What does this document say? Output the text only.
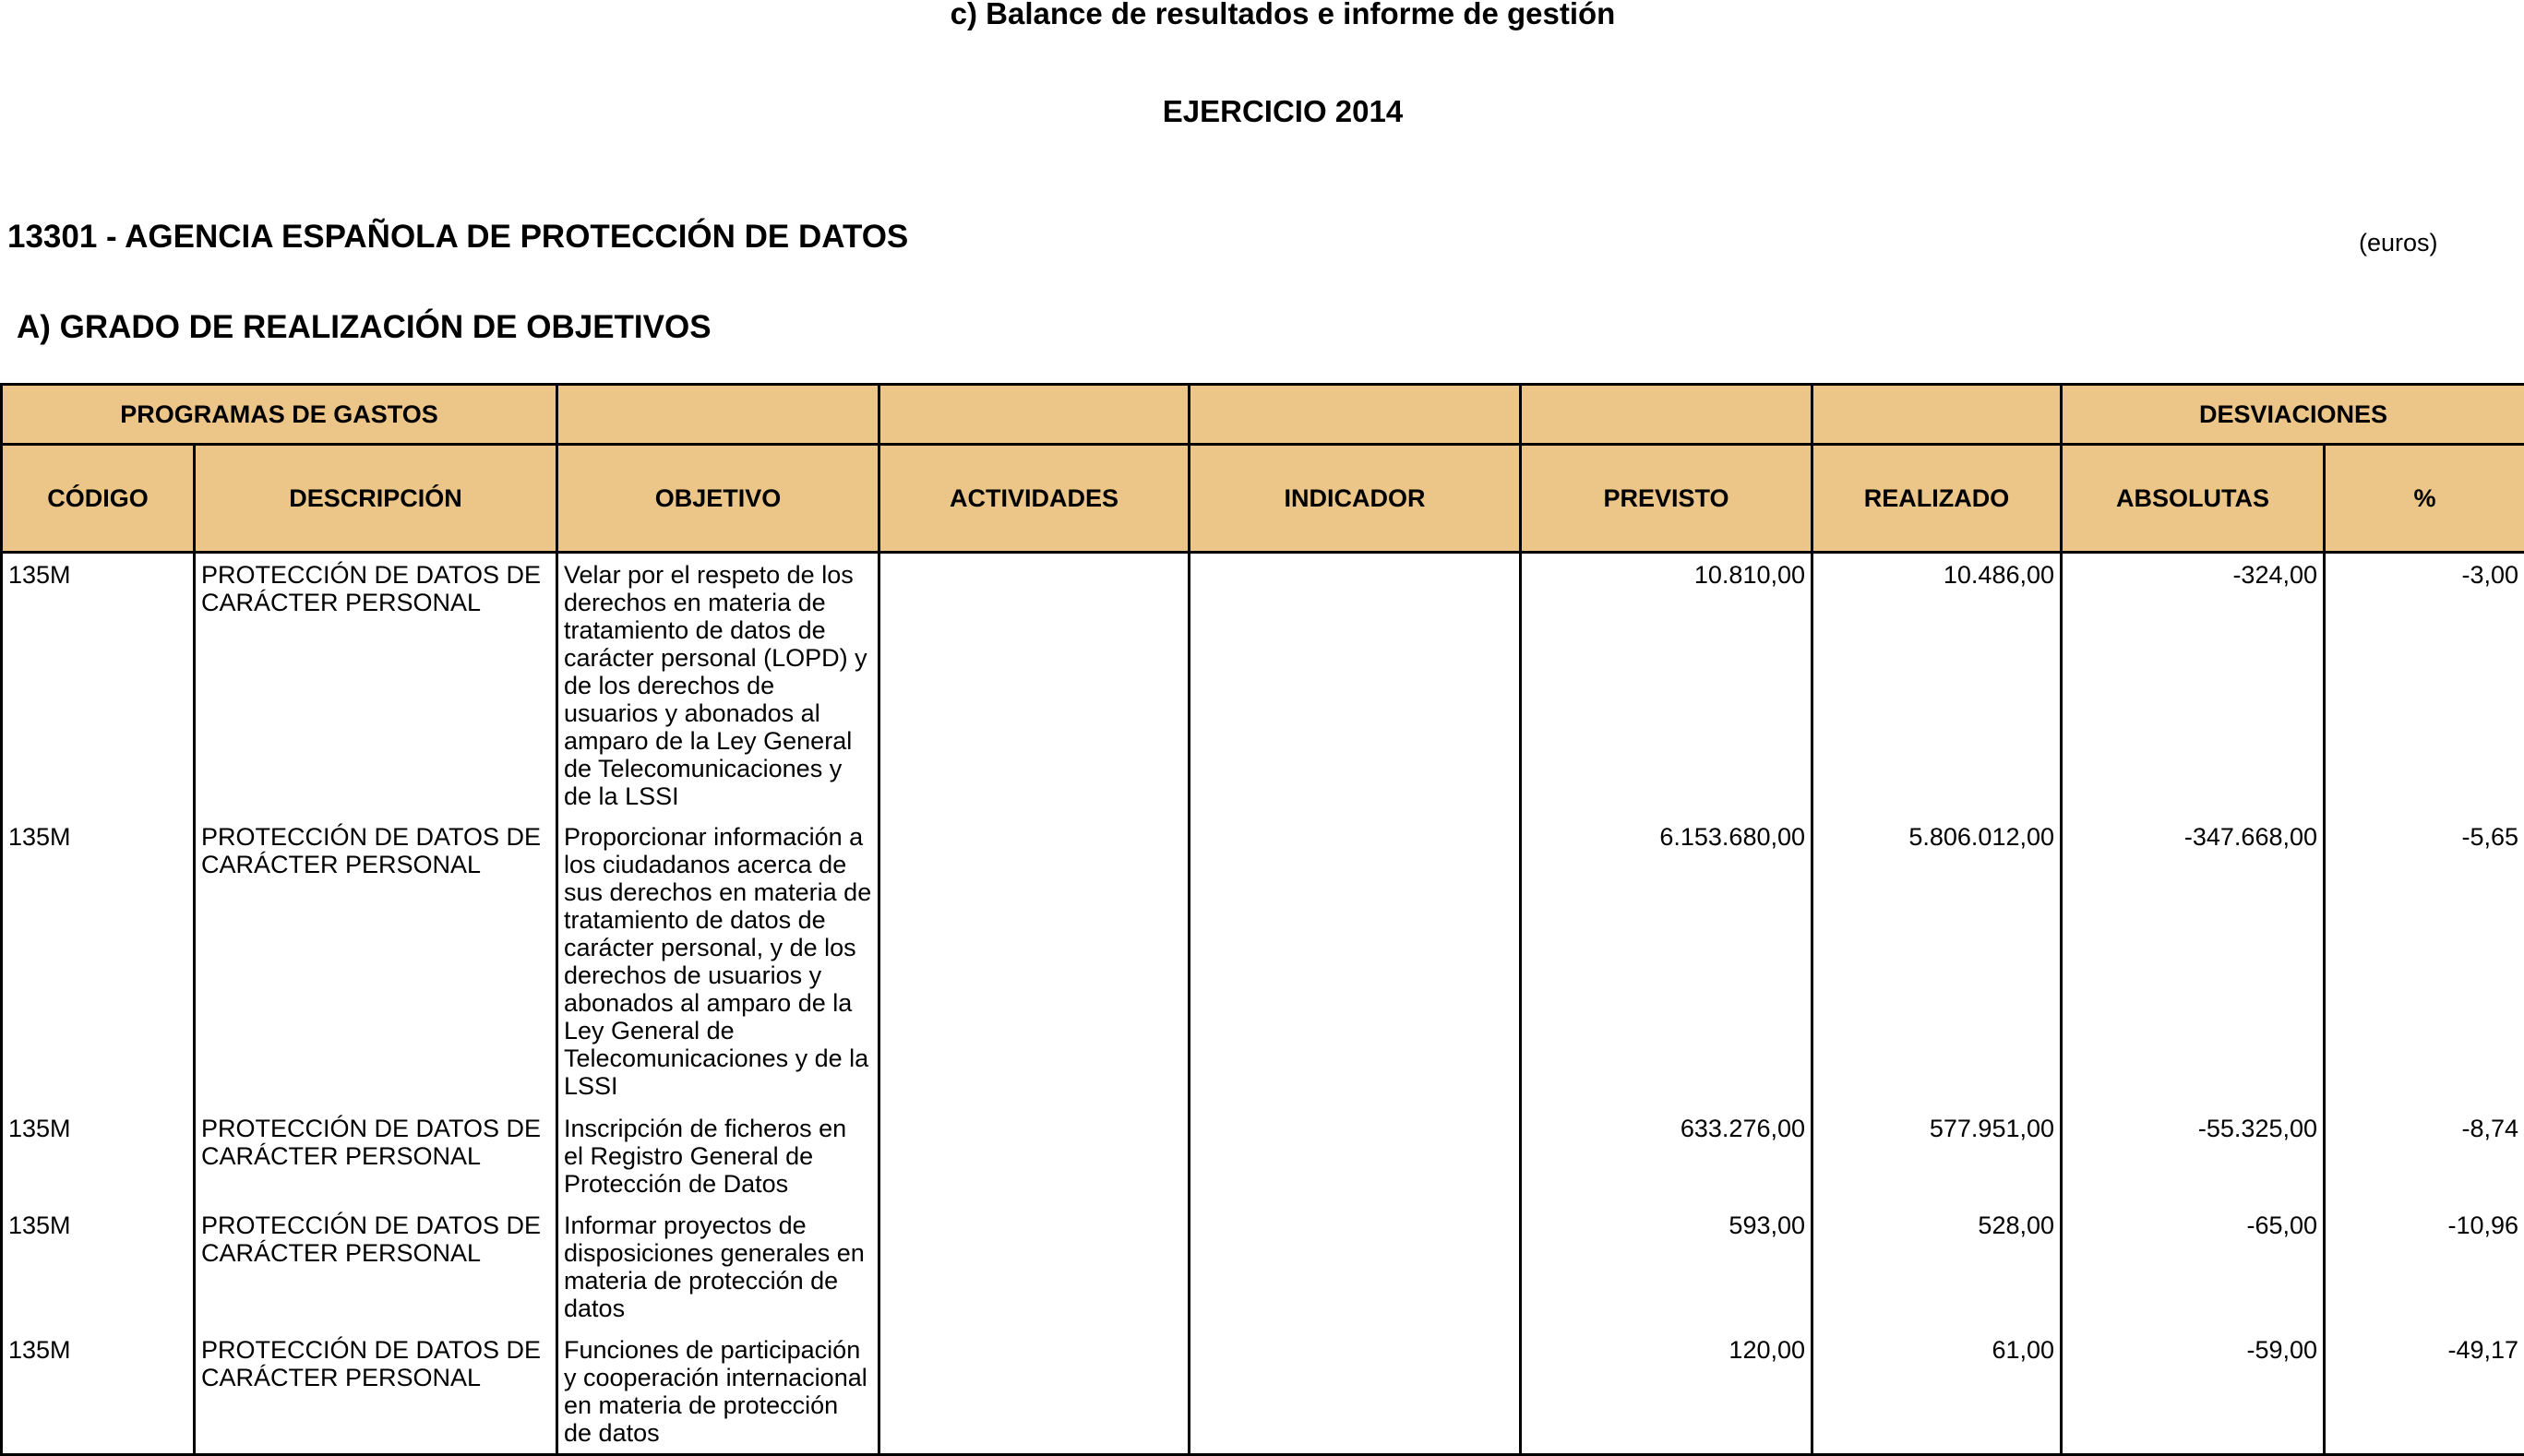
c) Balance de resultados e informe de gestión
EJERCICIO 2014
13301 - AGENCIA ESPAÑOLA DE PROTECCIÓN DE DATOS	(euros)
A) GRADO DE REALIZACIÓN DE OBJETIVOS
PROGRAMAS DE GASTOS							DESVIACIONES	
CÓDIGO	DESCRIPCIÓN	OBJETIVO	ACTIVIDADES	INDICADOR	PREVISTO	REALIZADO	ABSOLUTAS	%
135M	PROTECCIÓN DE DATOS DE CARÁCTER PERSONAL	Velar por el respeto de los derechos en materia de tratamiento de datos de carácter personal (LOPD) y de los derechos de usuarios y abonados al amparo de la Ley General de Telecomunicaciones y de la LSSI			10.810,00	10.486,00	-324,00	-3,00
135M	PROTECCIÓN DE DATOS DE CARÁCTER PERSONAL	Proporcionar información a los ciudadanos acerca de sus derechos en materia de tratamiento de datos de carácter personal, y de los derechos de usuarios y abonados al amparo de la Ley General de Telecomunicaciones y de la LSSI			6.153.680,00	5.806.012,00	-347.668,00	-5,65
135M	PROTECCIÓN DE DATOS DE CARÁCTER PERSONAL	Inscripción de ficheros en el Registro General de Protección de Datos			633.276,00	577.951,00	-55.325,00	-8,74
135M	PROTECCIÓN DE DATOS DE CARÁCTER PERSONAL	Informar proyectos de disposiciones generales en materia de protección de datos			593,00	528,00	-65,00	-10,96
135M	PROTECCIÓN DE DATOS DE CARÁCTER PERSONAL	Funciones de participación y cooperación internacional en materia de protección de datos			120,00	61,00	-59,00	-49,17
